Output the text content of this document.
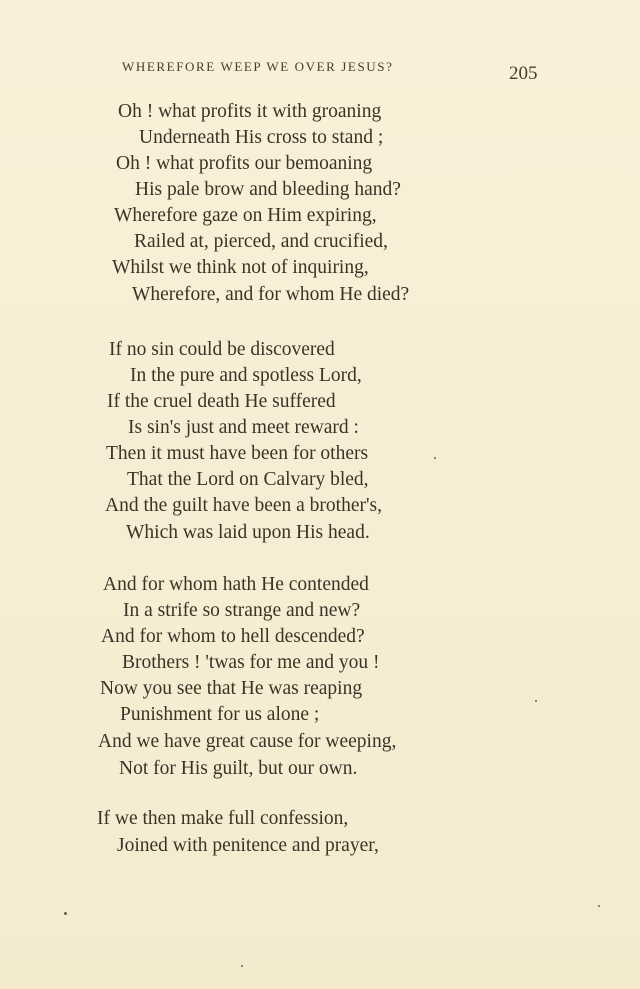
WHEREFORE WEEP WE OVER JESUS?	205
Oh ! what profits it with groaning
Underneath His cross to stand ;
Oh ! what profits our bemoaning
His pale brow and bleeding hand?
Wherefore gaze on Him expiring,
Railed at, pierced, and crucified,
Whilst we think not of inquiring,
Wherefore, and for whom He died?
If no sin could be discovered
In the pure and spotless Lord,
If the cruel death He suffered
Is sin's just and meet reward :
Then it must have been for others
That the Lord on Calvary bled,
And the guilt have been a brother's,
Which was laid upon His head.
And for whom hath He contended
In a strife so strange and new?
And for whom to hell descended?
Brothers ! 'twas for me and you !
Now you see that He was reaping
Punishment for us alone ;
And we have great cause for weeping,
Not for His guilt, but our own.
If we then make full confession,
Joined with penitence and prayer,
